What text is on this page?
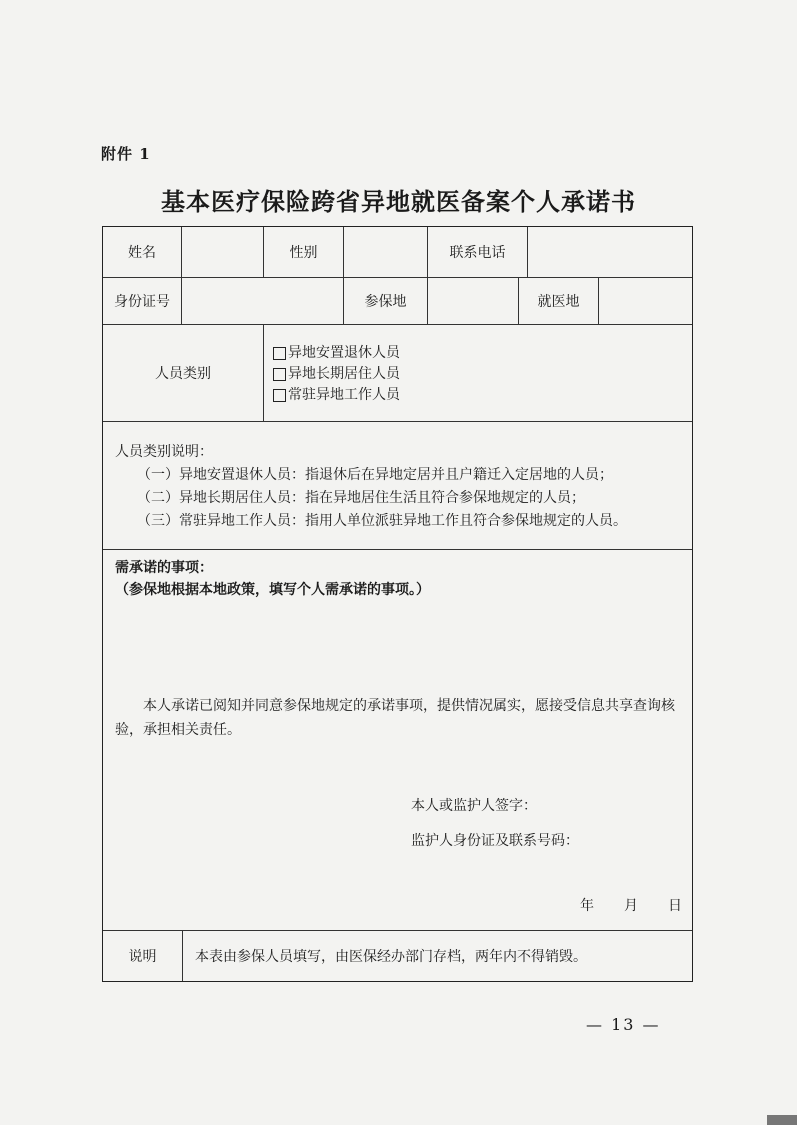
附件 1
基本医疗保险跨省异地就医备案个人承诺书
姓名	性别	联系电话
身份证号	参保地	就医地
人员类别
异地安置退休人员
异地长期居住人员
常驻异地工作人员
人员类别说明：
（一）异地安置退休人员：指退休后在异地定居并且户籍迁入定居地的人员；
（二）异地长期居住人员：指在异地居住生活且符合参保地规定的人员；
（三）常驻异地工作人员：指用人单位派驻异地工作且符合参保地规定的人员。
需承诺的事项：
（参保地根据本地政策，填写个人需承诺的事项。）
本人承诺已阅知并同意参保地规定的承诺事项，提供情况属实，愿接受信息共享查询核验，承担相关责任。
本人或监护人签字：
监护人身份证及联系号码：
年 月 日
说明	本表由参保人员填写，由医保经办部门存档，两年内不得销毁。
— 13 —
